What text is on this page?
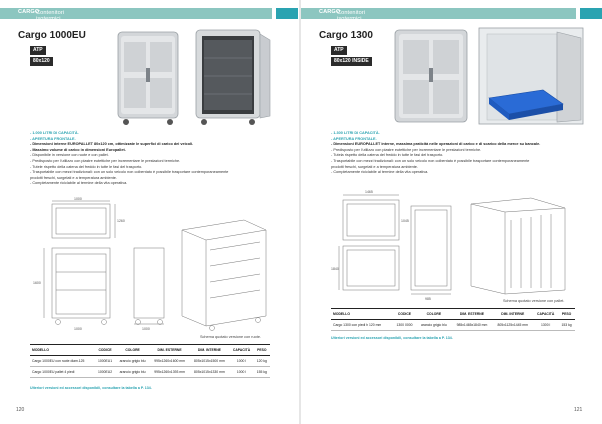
Contenitori isotermici
CARGO
Cargo 1000EU
ATP
80x120
- 1.000 LITRI DI CAPACITÀ.
- APERTURA FRONTALE.
- Dimensioni interne EUROPALLET 80x120 cm, ottimizzate le superfici di carico dei veicoli.
- Massimo volume di carico in dimensioni Europallet.
- Disponibile in versione con ruote e con pallet.
- Predisposto per l'utilizzo con piastre eutettiche per incrementare le prestazioni termiche.
- Tutele rispetto della catena del freddo in tutte le fasi del trasporto.
- Trasportabile con mezzi tradizionali: con un solo veicolo non coibentato è possibile trasportare contemporaneamente
prodotti freschi, surgelati e a temperatura ambiente.
- Completamente riciclabile al termine della vita operativa.
1000
1260
1600
1000	1000
Schema quotato versione con ruote.
MODELLO	CODICE	COLORE	DIM. ESTERNE	DIM. INTERNE	CAPACITÀ	PESO
Cargo 1000EU con ruote diam.125	1000EU1	arancio grigio blu	995x1260x1600 mm	805x1015x1500 mm	1000 l	120 kg
Cargo 1000EU pallet 4 piedi	1000EU2	arancio grigio blu	995x1260x1393 mm	805x1015x1330 mm	1000 l	155 kg
Ulteriori versioni ed accessori disponibili, consultare la tabella a P. 134.
120
Contenitori isotermici
CARGO
Cargo 1300
ATP
80x120 INSIDE
- 1.300 LITRI DI CAPACITÀ.
- APERTURA FRONTALE.
- Dimensioni EUROPALLET interne, massima praticità nelle operazioni di carico e di scarico della merce su bancale.
- Predisposto per l'utilizzo con piastre eutettiche per incrementare le prestazioni termiche.
- Tutela rispetto della catena del freddo in tutte le fasi del trasporto.
- Trasportabile con mezzi tradizionali: con un solo veicolo non coibentato è possibile trasportare contemporaneamente
prodotti freschi, surgelati e a temperatura ambiente.
- Completamente riciclabile al termine della vita operativa.
1465
1045
1840
985	Schema quotato versione con pallet.
MODELLO	CODICE	COLORE	DIM. ESTERNE	DIM. INTERNE	CAPACITÀ	PESO
Cargo 1300 con piedi h 120 mm	1300 0000	arancio grigio blu	985x1465x1840 mm	805x1125x1445 mm	1300 l	153 kg
Ulteriori versioni ed accessori disponibili, consultare la tabella a P. 134.
121
